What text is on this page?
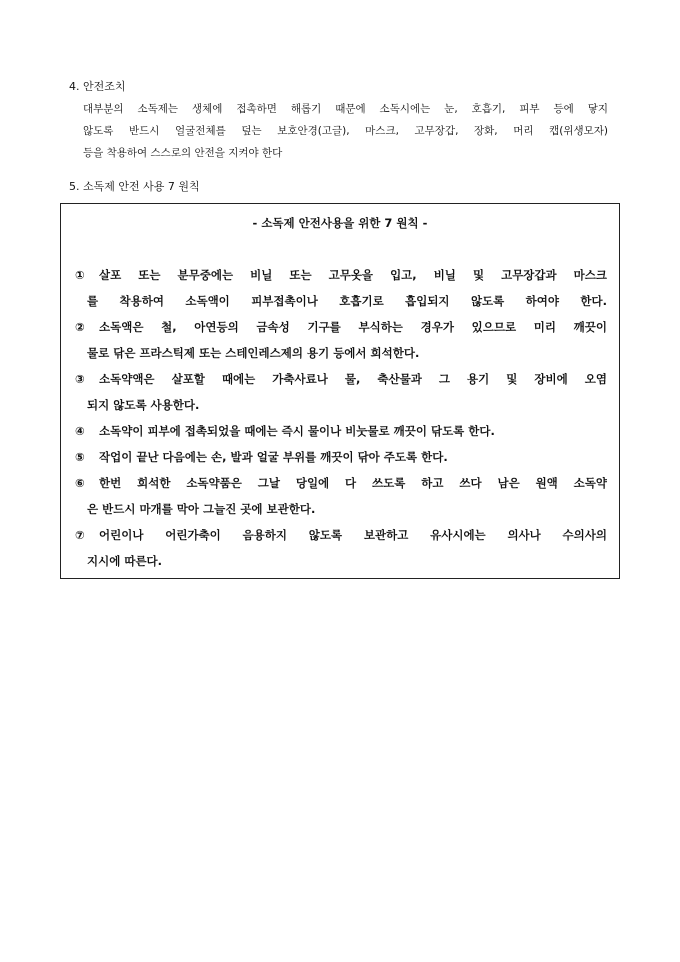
4. 안전조치
대부분의 소독제는 생체에 접촉하면 해롭기 때문에 소독시에는 눈, 호흡기, 피부 등에 닿지
않도록 반드시 얼굴전체를 덮는 보호안경(고글), 마스크, 고무장갑, 장화, 머리 캡(위생모자)
등을 착용하여 스스로의 안전을 지켜야 한다
5. 소독제 안전 사용 7 원칙
- 소독제 안전사용을 위한 7 원칙 -
①	살포 또는 분무중에는 비닐 또는 고무옷을 입고, 비닐 및 고무장갑과 마스크
를 착용하여 소독액이 피부접촉이나 호흡기로 흡입되지 않도록 하여야 한다.
②	소독액은 철, 아연등의 금속성 기구를 부식하는 경우가 있으므로 미리 깨끗이
물로 닦은 프라스틱제 또는 스테인레스제의 용기 등에서 희석한다.
③	소독약액은 살포할 때에는 가축사료나 물, 축산물과 그 용기 및 장비에 오염
되지 않도록 사용한다.
④	소독약이 피부에 접촉되었을 때에는 즉시 물이나 비눗물로 깨끗이 닦도록 한다.
⑤	작업이 끝난 다음에는 손, 발과 얼굴 부위를 깨끗이 닦아 주도록 한다.
⑥	한번 희석한 소독약품은 그날 당일에 다 쓰도록 하고 쓰다 남은 원액 소독약
은 반드시 마개를 막아 그늘진 곳에 보관한다.
⑦	어린이나 어린가축이 음용하지 않도록 보관하고 유사시에는 의사나 수의사의
지시에 따른다.
